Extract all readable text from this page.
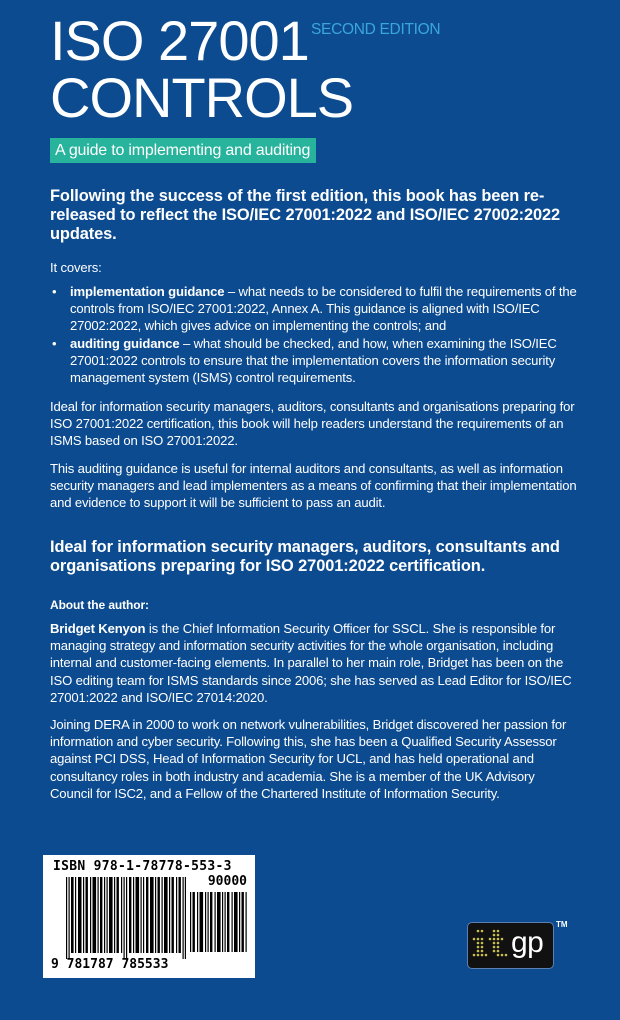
ISO 27001
CONTROLS
SECOND EDITION
A guide to implementing and auditing

Following the success of the first edition, this book has been re-released to reflect the ISO/IEC 27001:2022 and ISO/IEC 27002:2022 updates.

It covers:

• implementation guidance – what needs to be considered to fulfil the requirements of the controls from ISO/IEC 27001:2022, Annex A. This guidance is aligned with ISO/IEC 27002:2022, which gives advice on implementing the controls; and
• auditing guidance – what should be checked, and how, when examining the ISO/IEC 27001:2022 controls to ensure that the implementation covers the information security management system (ISMS) control requirements.

Ideal for information security managers, auditors, consultants and organisations preparing for ISO 27001:2022 certification, this book will help readers understand the requirements of an ISMS based on ISO 27001:2022.

This auditing guidance is useful for internal auditors and consultants, as well as information security managers and lead implementers as a means of confirming that their implementation and evidence to support it will be sufficient to pass an audit.

Ideal for information security managers, auditors, consultants and organisations preparing for ISO 27001:2022 certification.

About the author:

Bridget Kenyon is the Chief Information Security Officer for SSCL. She is responsible for managing strategy and information security activities for the whole organisation, including internal and customer-facing elements. In parallel to her main role, Bridget has been on the ISO editing team for ISMS standards since 2006; she has served as Lead Editor for ISO/IEC 27001:2022 and ISO/IEC 27014:2020.

Joining DERA in 2000 to work on network vulnerabilities, Bridget discovered her passion for information and cyber security. Following this, she has been a Qualified Security Assessor against PCI DSS, Head of Information Security for UCL, and has held operational and consultancy roles in both industry and academia. She is a member of the UK Advisory Council for ISC2, and a Fellow of the Chartered Institute of Information Security.

ISBN 978-1-78778-553-3
90000
9 781787 785533
gp
TM
